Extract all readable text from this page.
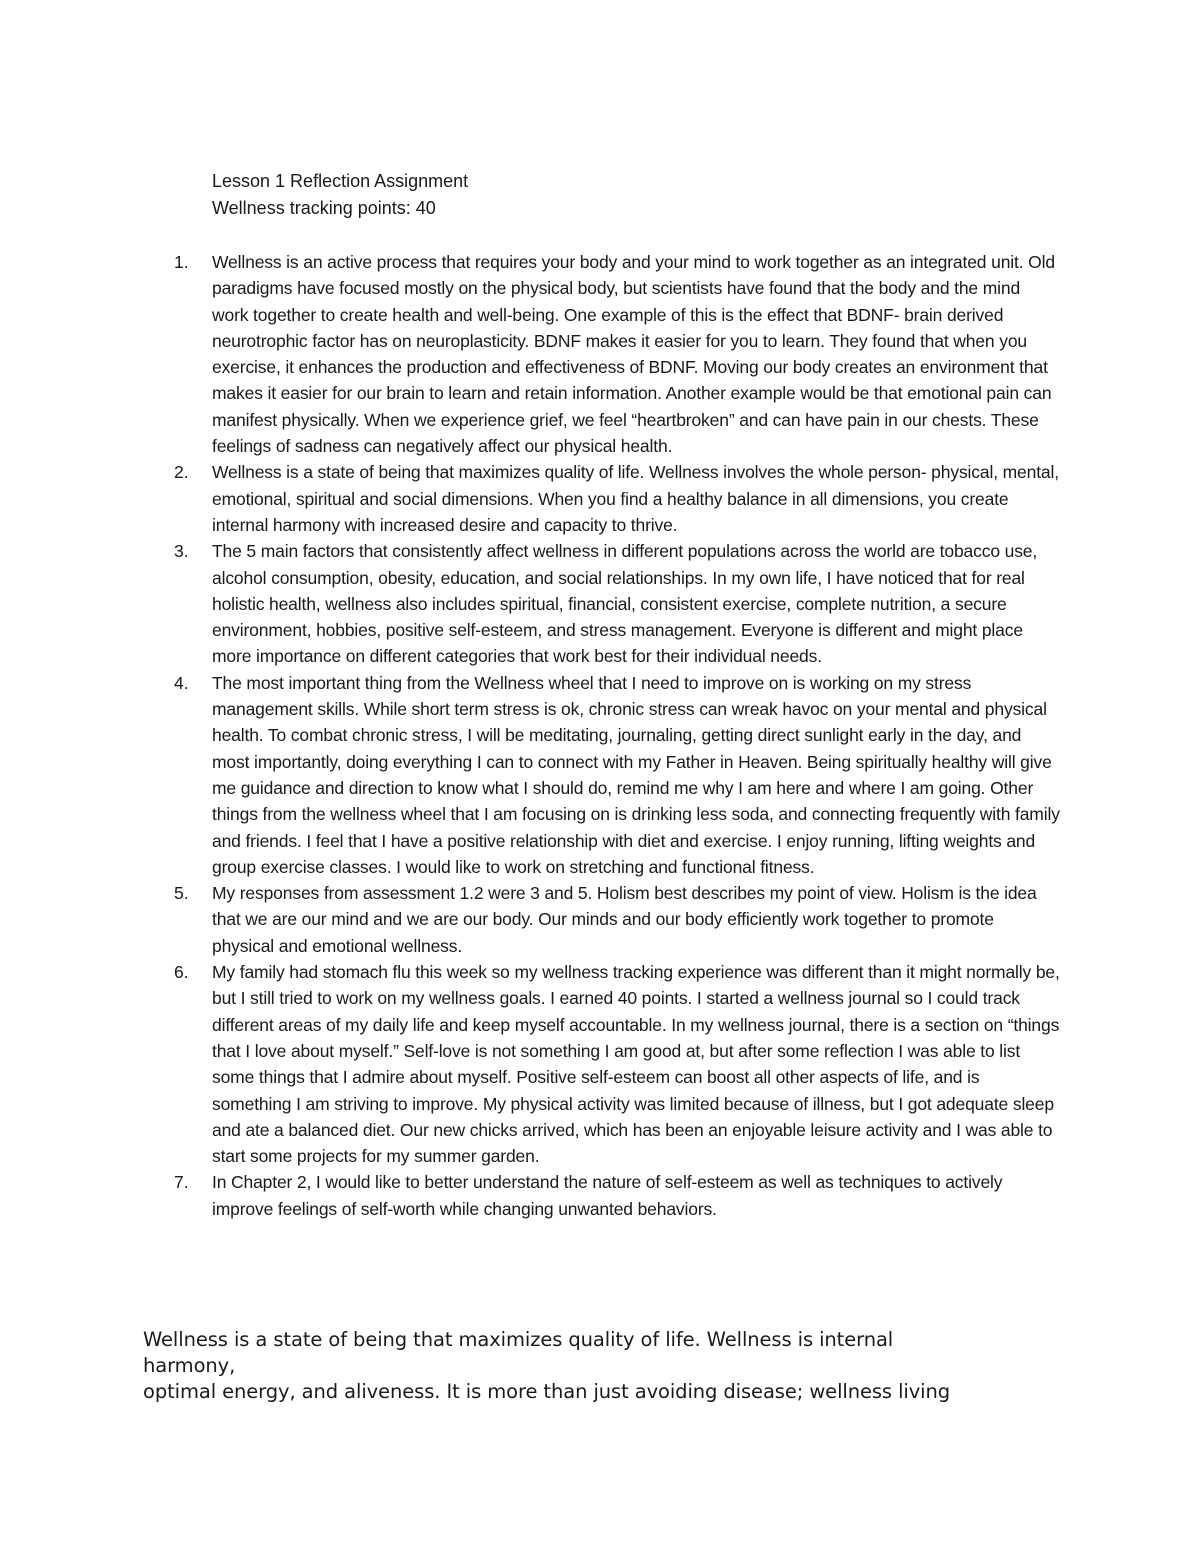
Lesson 1 Reflection Assignment
Wellness tracking points: 40
1.	Wellness is an active process that requires your body and your mind to work together as an integrated unit. Old paradigms have focused mostly on the physical body, but scientists have found that the body and the mind work together to create health and well-being. One example of this is the effect that BDNF- brain derived neurotrophic factor has on neuroplasticity. BDNF makes it easier for you to learn. They found that when you exercise, it enhances the production and effectiveness of BDNF. Moving our body creates an environment that makes it easier for our brain to learn and retain information. Another example would be that emotional pain can manifest physically. When we experience grief, we feel “heartbroken” and can have pain in our chests. These feelings of sadness can negatively affect our physical health.
2.	Wellness is a state of being that maximizes quality of life. Wellness involves the whole person- physical, mental, emotional, spiritual and social dimensions. When you find a healthy balance in all dimensions, you create internal harmony with increased desire and capacity to thrive.
3.	The 5 main factors that consistently affect wellness in different populations across the world are tobacco use, alcohol consumption, obesity, education, and social relationships. In my own life, I have noticed that for real holistic health, wellness also includes spiritual, financial, consistent exercise, complete nutrition, a secure environment, hobbies, positive self-esteem, and stress management. Everyone is different and might place more importance on different categories that work best for their individual needs.
4.	The most important thing from the Wellness wheel that I need to improve on is working on my stress management skills. While short term stress is ok, chronic stress can wreak havoc on your mental and physical health. To combat chronic stress, I will be meditating, journaling, getting direct sunlight early in the day, and most importantly, doing everything I can to connect with my Father in Heaven. Being spiritually healthy will give me guidance and direction to know what I should do, remind me why I am here and where I am going. Other things from the wellness wheel that I am focusing on is drinking less soda, and connecting frequently with family and friends. I feel that I have a positive relationship with diet and exercise. I enjoy running, lifting weights and group exercise classes. I would like to work on stretching and functional fitness.
5.	My responses from assessment 1.2 were 3 and 5. Holism best describes my point of view. Holism is the idea that we are our mind and we are our body. Our minds and our body efficiently work together to promote physical and emotional wellness.
6.	My family had stomach flu this week so my wellness tracking experience was different than it might normally be, but I still tried to work on my wellness goals. I earned 40 points. I started a wellness journal so I could track different areas of my daily life and keep myself accountable. In my wellness journal, there is a section on “things that I love about myself.” Self-love is not something I am good at, but after some reflection I was able to list some things that I admire about myself. Positive self-esteem can boost all other aspects of life, and is something I am striving to improve. My physical activity was limited because of illness, but I got adequate sleep and ate a balanced diet. Our new chicks arrived, which has been an enjoyable leisure activity and I was able to start some projects for my summer garden.
7.	In Chapter 2, I would like to better understand the nature of self-esteem as well as techniques to actively improve feelings of self-worth while changing unwanted behaviors.
Wellness is a state of being that maximizes quality of life. Wellness is internal
harmony,
optimal energy, and aliveness. It is more than just avoiding disease; wellness living
